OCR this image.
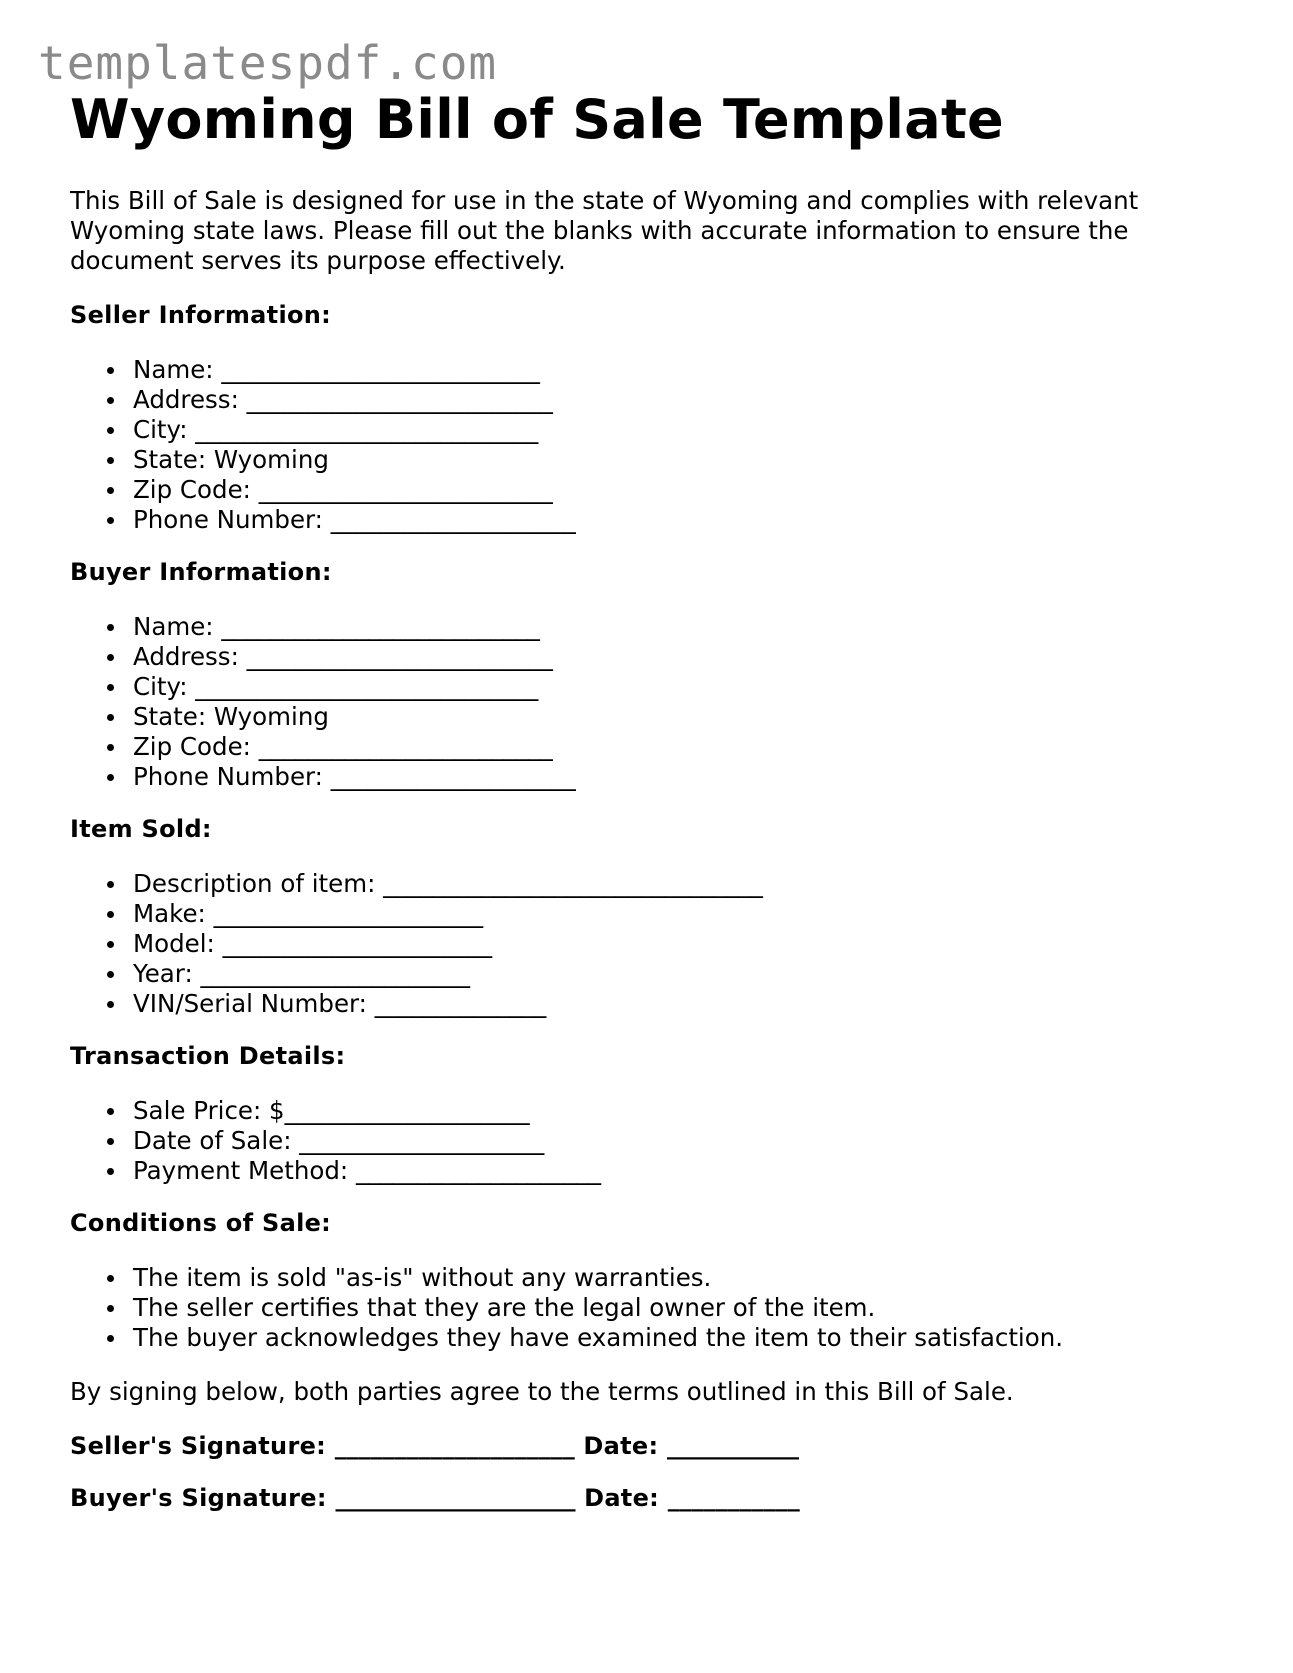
templatespdf.com
Wyoming Bill of Sale Template

This Bill of Sale is designed for use in the state of Wyoming and complies with relevant Wyoming state laws. Please fill out the blanks with accurate information to ensure the document serves its purpose effectively.

Seller Information:

Name: __________________________
Address: _________________________
City: ____________________________
State: Wyoming
Zip Code: ________________________
Phone Number: ____________________

Buyer Information:

Name: __________________________
Address: _________________________
City: ____________________________
State: Wyoming
Zip Code: ________________________
Phone Number: ____________________

Item Sold:

Description of item: _______________________________
Make: ______________________
Model: ______________________
Year: ______________________
VIN/Serial Number: ______________

Transaction Details:

Sale Price: $____________________
Date of Sale: ____________________
Payment Method: ____________________

Conditions of Sale:

The item is sold "as-is" without any warranties.
The seller certifies that they are the legal owner of the item.
The buyer acknowledges they have examined the item to their satisfaction.

By signing below, both parties agree to the terms outlined in this Bill of Sale.

Seller's Signature: ____________________ Date: ___________

Buyer's Signature: ____________________ Date: ___________
